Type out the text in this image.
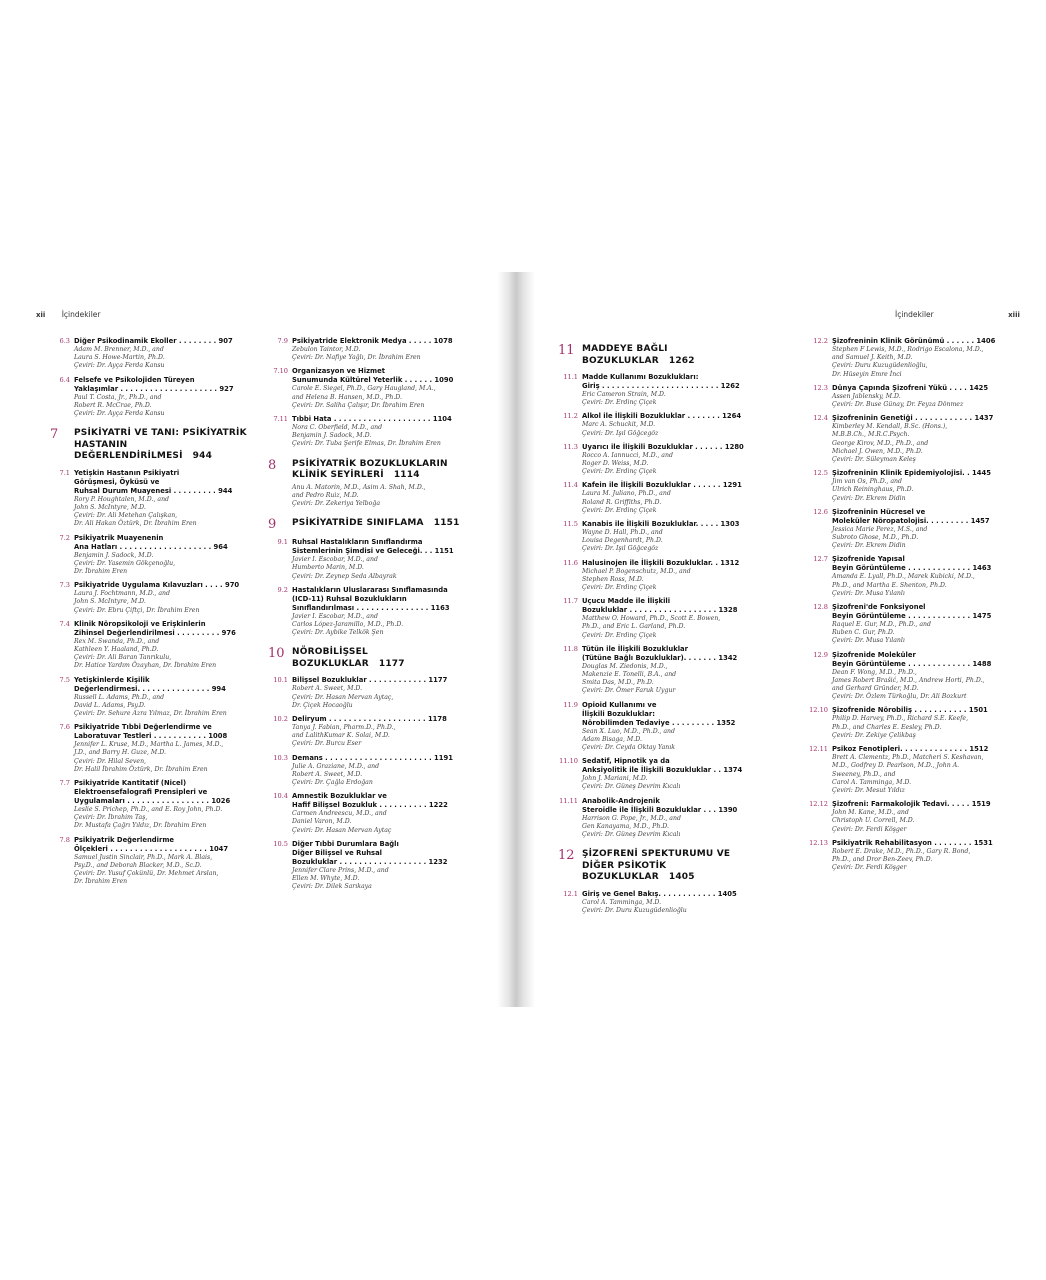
xii İçindekiler
6.3 Diğer Psikodinamik Ekoller . . . . . . . . 907
Adam M. Brenner, M.D., and
Laura S. Howe-Martin, Ph.D.
Çeviri: Dr. Ayça Ferda Kansu
6.4 Felsefe ve Psikolojiden Türeyen
Yaklaşımlar . . . . . . . . . . . . . . . . . . . . 927
Paul T. Costa, Jr., Ph.D., and
Robert R. McCrae, Ph.D.
Çeviri: Dr. Ayça Ferda Kansu
7	PSİKİYATRİ VE TANI: PSİKİYATRİK
HASTANIN DEĞERLENDİRİLMESİ 944
7.1 Yetişkin Hastanın Psikiyatri
Görüşmesi, Öyküsü ve
Ruhsal Durum Muayenesi . . . . . . . . . 944
Rory P. Houghtalen, M.D., and
John S. McIntyre, M.D.
Çeviri: Dr. Ali Metehan Çalışkan,
Dr. Ali Hakan Öztürk, Dr. İbrahim Eren
7.2 Psikiyatrik Muayenenin
Ana Hatları . . . . . . . . . . . . . . . . . . . 964
Benjamin J. Sadock, M.D.
Çeviri: Dr. Yasemin Gökçenoğlu,
Dr. İbrahim Eren
7.3 Psikiyatride Uygulama Kılavuzları . . . . 970
Laura J. Fochtmann, M.D., and
John S. McIntyre, M.D.
Çeviri: Dr. Ebru Çiftçi, Dr. İbrahim Eren
7.4 Klinik Nöropsikoloji ve Erişkinlerin
Zihinsel Değerlendirilmesi . . . . . . . . . 976
Rex M. Swanda, Ph.D., and
Kathleen Y. Haaland, Ph.D.
Çeviri: Dr. Ali Baran Tanrıkulu,
Dr. Hatice Yardım Özayhan, Dr. İbrahim Eren
7.5 Yetişkinlerde Kişilik
Değerlendirmesi. . . . . . . . . . . . . . . 994
Russell L. Adams, Ph.D., and
David L. Adams, Psy.D.
Çeviri: Dr. Sehure Azra Yılmaz, Dr. İbrahim Eren
7.6 Psikiyatride Tıbbi Değerlendirme ve
Laboratuvar Testleri . . . . . . . . . . . 1008
Jennifer L. Kruse, M.D., Martha L. James, M.D.,
J.D., and Barry H. Guze, M.D.
Çeviri: Dr. Hilal Seven,
Dr. Halil İbrahim Öztürk, Dr. İbrahim Eren
7.7 Psikiyatride Kantitatif (Nicel)
Elektroensefalografi Prensipleri ve
Uygulamaları . . . . . . . . . . . . . . . . . 1026
Leslie S. Prichep, Ph.D., and E. Roy John, Ph.D.
Çeviri: Dr. İbrahim Taş,
Dr. Mustafa Çağrı Yıldız, Dr. İbrahim Eren
7.8 Psikiyatrik Değerlendirme
Ölçekleri . . . . . . . . . . . . . . . . . . . . 1047
Samuel Justin Sinclair, Ph.D., Mark A. Blais,
Psy.D., and Deborah Blacker, M.D., Sc.D.
Çeviri: Dr. Yusuf Çokünlü, Dr. Mehmet Arslan,
Dr. İbrahim Eren
7.9 Psikiyatride Elektronik Medya . . . . . 1078
Zebulon Taintor, M.D.
Çeviri: Dr. Nafiye Yağlı, Dr. İbrahim Eren
7.10 Organizasyon ve Hizmet
Sunumunda Kültürel Yeterlik . . . . . . 1090
Carole E. Siegel, Ph.D., Gary Haugland, M.A.,
and Helena B. Hansen, M.D., Ph.D.
Çeviri: Dr. Saliha Çalışır, Dr. İbrahim Eren
7.11 Tıbbi Hata . . . . . . . . . . . . . . . . . . . . 1104
Nora C. Oberfield, M.D., and
Benjamin J. Sadock, M.D.
Çeviri: Dr. Tuba Şerife Elmas, Dr. İbrahim Eren
8	PSİKİYATRİK BOZUKLUKLARIN
KLİNİK SEYİRLERİ 1114
Anu A. Matorin, M.D., Asim A. Shah, M.D.,
and Pedro Ruiz, M.D.
Çeviri: Dr. Zekeriya Yelboğa
9	PSİKİYATRİDE SINIFLAMA 1151
9.1 Ruhsal Hastalıkların Sınıflandırma
Sistemlerinin Şimdisi ve Geleceği. . . 1151
Javier I. Escobar, M.D., and
Humberto Marin, M.D.
Çeviri: Dr. Zeynep Seda Albayrak
9.2 Hastalıkların Uluslararası Sınıflamasında
(ICD-11) Ruhsal Bozuklukların
Sınıflandırılması . . . . . . . . . . . . . . . 1163
Javier I. Escobar, M.D., and
Carlos López-Jaramillo, M.D., Ph.D.
Çeviri: Dr. Aybike Telkök Şen
10 NÖROBİLİŞSEL BOZUKLUKLAR 1177
10.1 Bilişsel Bozukluklar . . . . . . . . . . . . 1177
Robert A. Sweet, M.D.
Çeviri: Dr. Hasan Mervan Aytaç,
Dr. Çiçek Hocaoğlu
10.2 Deliryum . . . . . . . . . . . . . . . . . . . . 1178
Tanya J. Fabian, Pharm.D., Ph.D.,
and LalithKumar K. Solai, M.D.
Çeviri: Dr. Burcu Eser
10.3 Demans . . . . . . . . . . . . . . . . . . . . . . 1191
Julie A. Graziane, M.D., and
Robert A. Sweet, M.D.
Çeviri: Dr. Çağla Erdoğan
10.4 Amnestik Bozukluklar ve
Hafif Bilişsel Bozukluk . . . . . . . . . . 1222
Carmen Andreescu, M.D., and
Daniel Varon, M.D.
Çeviri: Dr. Hasan Mervan Aytaç
10.5 Diğer Tıbbi Durumlara Bağlı
Diğer Bilişsel ve Ruhsal
Bozukluklar . . . . . . . . . . . . . . . . . . 1232
Jennifer Clare Prins, M.D., and
Ellen M. Whyte, M.D.
Çeviri: Dr. Dilek Sarıkaya
İçindekiler	xiii
11 MADDEYE BAĞLI BOZUKLUKLAR 1262
11.1 Madde Kullanımı Bozuklukları:
Giriş . . . . . . . . . . . . . . . . . . . . . . . . 1262
Eric Cameron Strain, M.D.
Çeviri: Dr. Erdinç Çiçek
11.2 Alkol ile İlişkili Bozukluklar . . . . . . . 1264
Marc A. Schuckit, M.D.
Çeviri: Dr. Işıl Göğcegöz
11.3 Uyarıcı ile İlişkili Bozukluklar . . . . . . 1280
Rocco A. Iannucci, M.D., and
Roger D. Weiss, M.D.
Çeviri: Dr. Erdinç Çiçek
11.4 Kafein ile İlişkili Bozukluklar . . . . . . 1291
Laura M. Juliano, Ph.D., and
Roland R. Griffiths, Ph.D.
Çeviri: Dr. Erdinç Çiçek
11.5 Kanabis ile İlişkili Bozukluklar. . . . . 1303
Wayne D. Hall, Ph.D., and
Louisa Degenhardt, Ph.D.
Çeviri: Dr. Işıl Göğcegöz
11.6 Halusinojen ile İlişkili Bozukluklar. . 1312
Michael P. Bogenschutz, M.D., and
Stephen Ross, M.D.
Çeviri: Dr. Erdinç Çiçek
11.7 Uçucu Madde ile İlişkili
Bozukluklar . . . . . . . . . . . . . . . . . . 1328
Matthew O. Howard, Ph.D., Scott E. Bowen,
Ph.D., and Eric L. Garland, Ph.D.
Çeviri: Dr. Erdinç Çiçek
11.8 Tütün ile İlişkili Bozukluklar
(Tütüne Bağlı Bozukluklar). . . . . . . 1342
Douglas M. Ziedonis, M.D.,
Makenzie E. Tonelli, B.A., and
Smita Das, M.D., Ph.D.
Çeviri: Dr. Ömer Faruk Uygur
11.9 Opioid Kullanımı ve
İlişkili Bozukluklar:
Nörobilimden Tedaviye . . . . . . . . . 1352
Sean X. Luo, M.D., Ph.D., and
Adam Bisaga, M.D.
Çeviri: Dr. Ceyda Oktay Yanık
11.10 Sedatif, Hipnotik ya da
Anksiyolitik ile İlişkili Bozukluklar . . 1374
John J. Mariani, M.D.
Çeviri: Dr. Güneş Devrim Kıcalı
11.11 Anabolik-Androjenik
Steroidle ile İlişkili Bozukluklar . . . 1390
Harrison G. Pope, Jr., M.D., and
Gen Kanayama, M.D., Ph.D.
Çeviri: Dr. Güneş Devrim Kıcalı
12 ŞİZOFRENİ SPEKTURUMU VE
DİĞER PSİKOTİK BOZUKLUKLAR 1405
12.1 Giriş ve Genel Bakış. . . . . . . . . . . . 1405
Carol A. Tamminga, M.D.
Çeviri: Dr. Duru Kuzugüdenlioğlu
12.2 Şizofreninin Klinik Görünümü . . . . . . 1406
Stephen F Lewis, M.D., Rodrigo Escalona, M.D.,
and Samuel J. Keith, M.D.
Çeviri: Duru Kuzugüdenlioğlu,
Dr. Hüseyin Emre İnci
12.3 Dünya Çapında Şizofreni Yükü . . . . 1425
Assen Jablensky, M.D.
Çeviri: Dr. Buse Günay, Dr. Feyza Dönmez
12.4 Şizofreninin Genetiği . . . . . . . . . . . . 1437
Kimberley M. Kendall, B.Sc. (Hons.),
M.B.B.Ch., M.R.C.Psych.
George Kirov, M.D., Ph.D., and
Michael J. Owen, M.D., Ph.D.
Çeviri: Dr. Süleyman Keleş
12.5 Şizofreninin Klinik Epidemiyolojisi. . 1445
Jim van Os, Ph.D., and
Ulrich Reininghaus, Ph.D.
Çeviri: Dr. Ekrem Didin
12.6 Şizofreninin Hücresel ve
Moleküler Nöropatolojisi. . . . . . . . . 1457
Jessica Marie Perez, M.S., and
Subroto Ghose, M.D., Ph.D.
Çeviri: Dr. Ekrem Didin
12.7 Şizofrenide Yapısal
Beyin Görüntüleme . . . . . . . . . . . . . 1463
Amanda E. Lyall, Ph.D., Marek Kubicki, M.D.,
Ph.D., and Martha E. Shenton, Ph.D.
Çeviri: Dr. Musa Yılanlı
12.8 Şizofreni'de Fonksiyonel
Beyin Görüntüleme . . . . . . . . . . . . . 1475
Raquel E. Gur, M.D., Ph.D., and
Ruben C. Gur, Ph.D.
Çeviri: Dr. Musa Yılanlı
12.9 Şizofrenide Moleküler
Beyin Görüntüleme . . . . . . . . . . . . . 1488
Dean F. Wong, M.D., Ph.D.,
James Robert Brašić, M.D., Andrew Horti, Ph.D.,
and Gerhard Gründer, M.D.
Çeviri: Dr. Özlem Türkoğlu, Dr. Ali Bozkurt
12.10 Şizofrenide Nörobiliş . . . . . . . . . . . 1501
Philip D. Harvey, Ph.D., Richard S.E. Keefe,
Ph.D., and Charles E. Eesley, Ph.D.
Çeviri: Dr. Zekiye Çelikbaş
12.11 Psikoz Fenotipleri. . . . . . . . . . . . . . 1512
Brett A. Clementz, Ph.D., Matcheri S. Keshavan,
M.D., Godfrey D. Pearlson, M.D., John A.
Sweeney, Ph.D., and
Carol A. Tamminga, M.D.
Çeviri: Dr. Mesut Yıldız
12.12 Şizofreni: Farmakolojik Tedavi. . . . . 1519
John M. Kane, M.D., and
Christoph U. Correll, M.D.
Çeviri: Dr. Ferdi Köşger
12.13 Psikiyatrik Rehabilitasyon . . . . . . . . 1531
Robert E. Drake, M.D., Ph.D., Gary R. Bond,
Ph.D., and Dror Ben-Zeev, Ph.D.
Çeviri: Dr. Ferdi Köşger
